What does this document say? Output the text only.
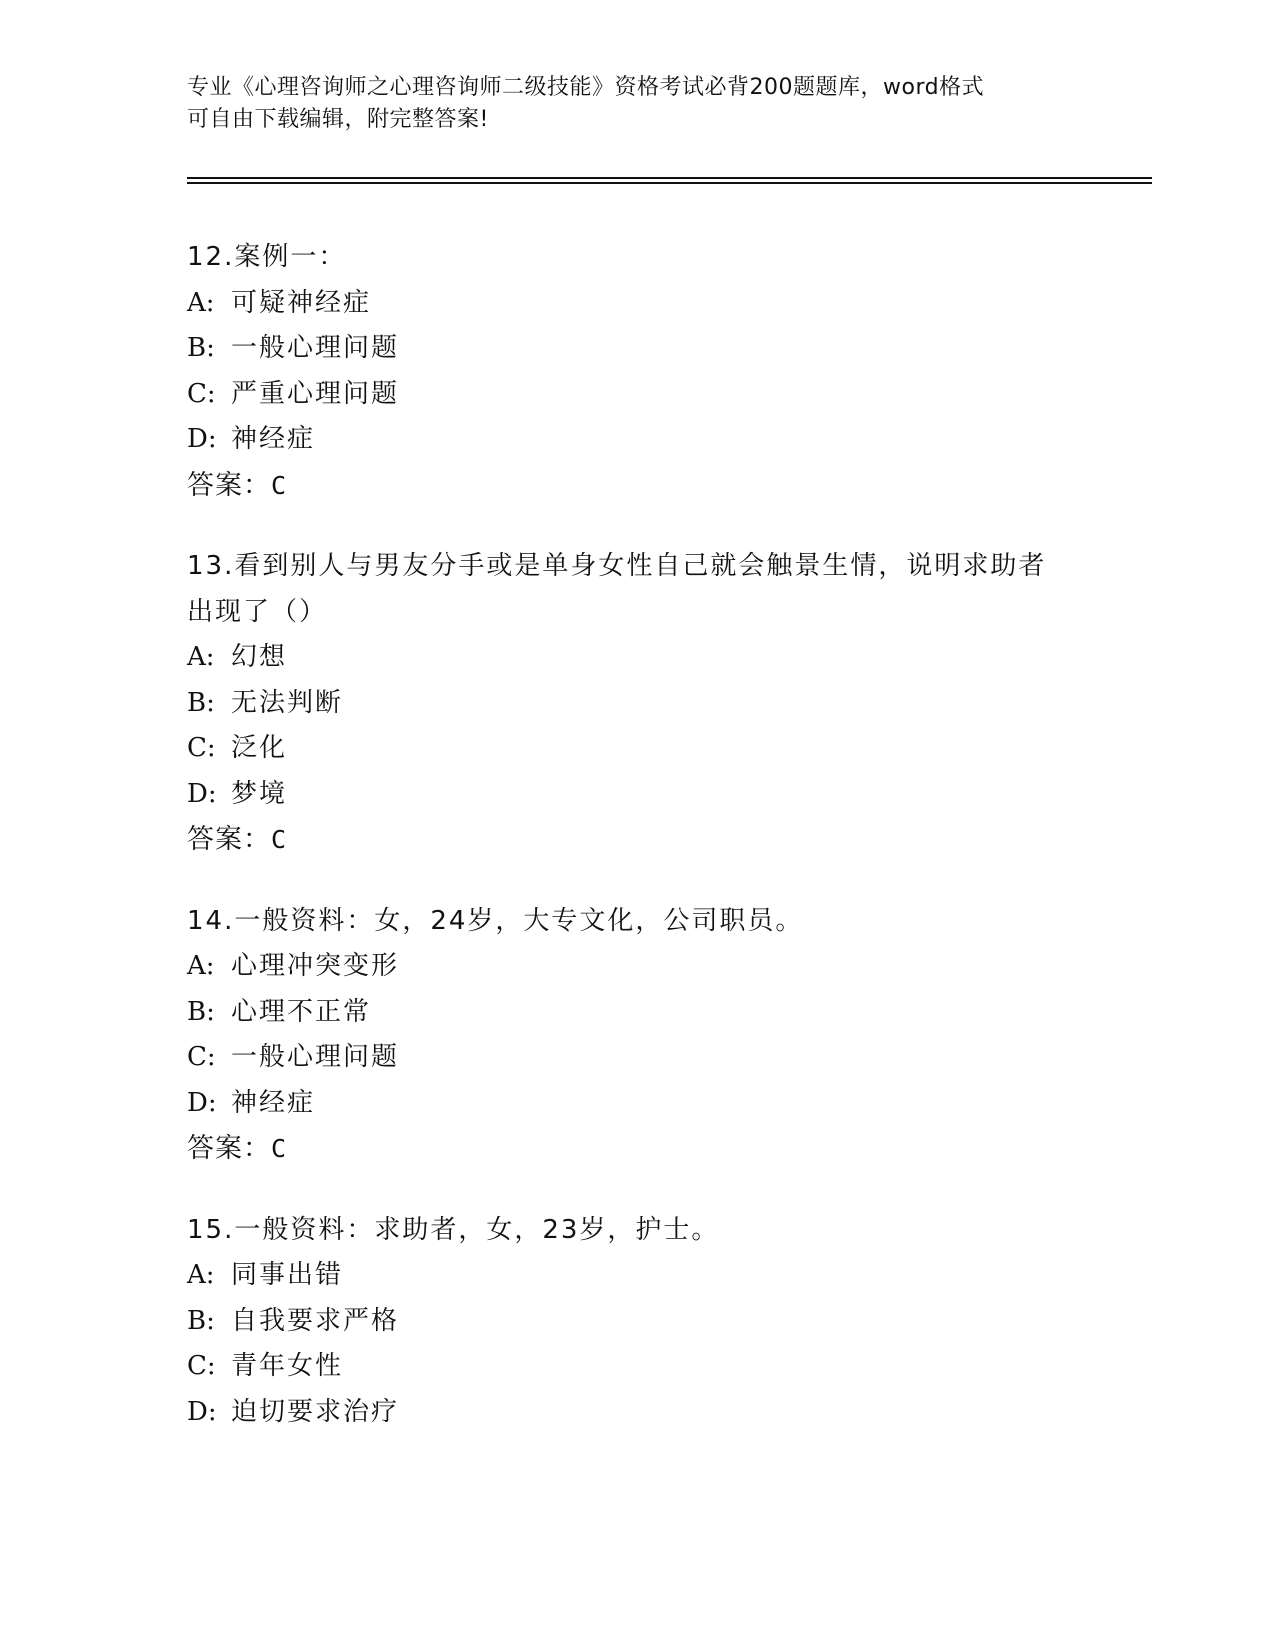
专业《心理咨询师之心理咨询师二级技能》资格考试必背200题题库，word格式
可自由下载编辑，附完整答案!
12.案例一：
A: 可疑神经症
B: 一般心理问题
C: 严重心理问题
D: 神经症
答案：C
13.看到别人与男友分手或是单身女性自己就会触景生情，说明求助者
出现了（）
A: 幻想
B: 无法判断
C: 泛化
D: 梦境
答案：C
14.一般资料：女，24岁，大专文化，公司职员。
A: 心理冲突变形
B: 心理不正常
C: 一般心理问题
D: 神经症
答案：C
15.一般资料：求助者，女，23岁，护士。
A: 同事出错
B: 自我要求严格
C: 青年女性
D: 迫切要求治疗
